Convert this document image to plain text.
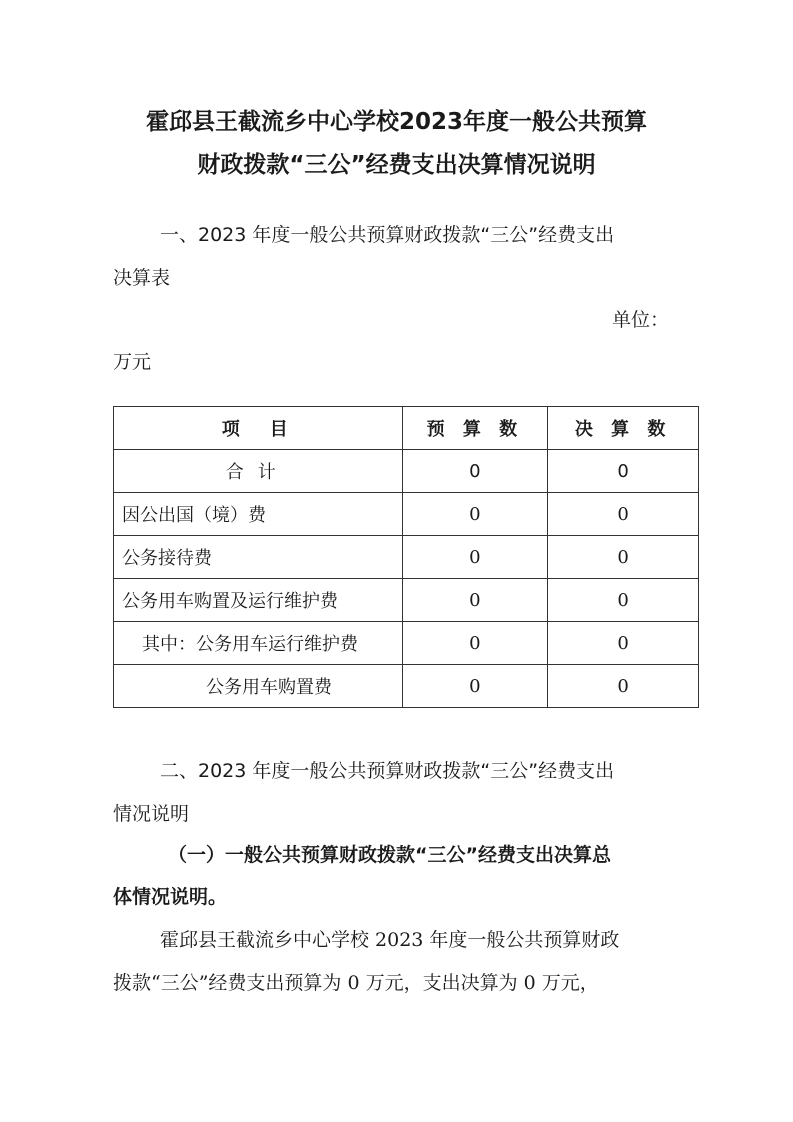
霍邱县王截流乡中心学校2023年度一般公共预算
财政拨款“三公”经费支出决算情况说明
一、2023 年度一般公共预算财政拨款“三公”经费支出
决算表
单位：
万元
项　目	预 算 数	决 算 数
合计	0	0
因公出国（境）费	0	0
公务接待费	0	0
公务用车购置及运行维护费	0	0
其中：公务用车运行维护费	0	0
公务用车购置费	0	0
二、2023 年度一般公共预算财政拨款“三公”经费支出
情况说明
（一）一般公共预算财政拨款“三公”经费支出决算总
体情况说明。
霍邱县王截流乡中心学校 2023 年度一般公共预算财政
拨款“三公”经费支出预算为 0 万元，支出决算为 0 万元，
